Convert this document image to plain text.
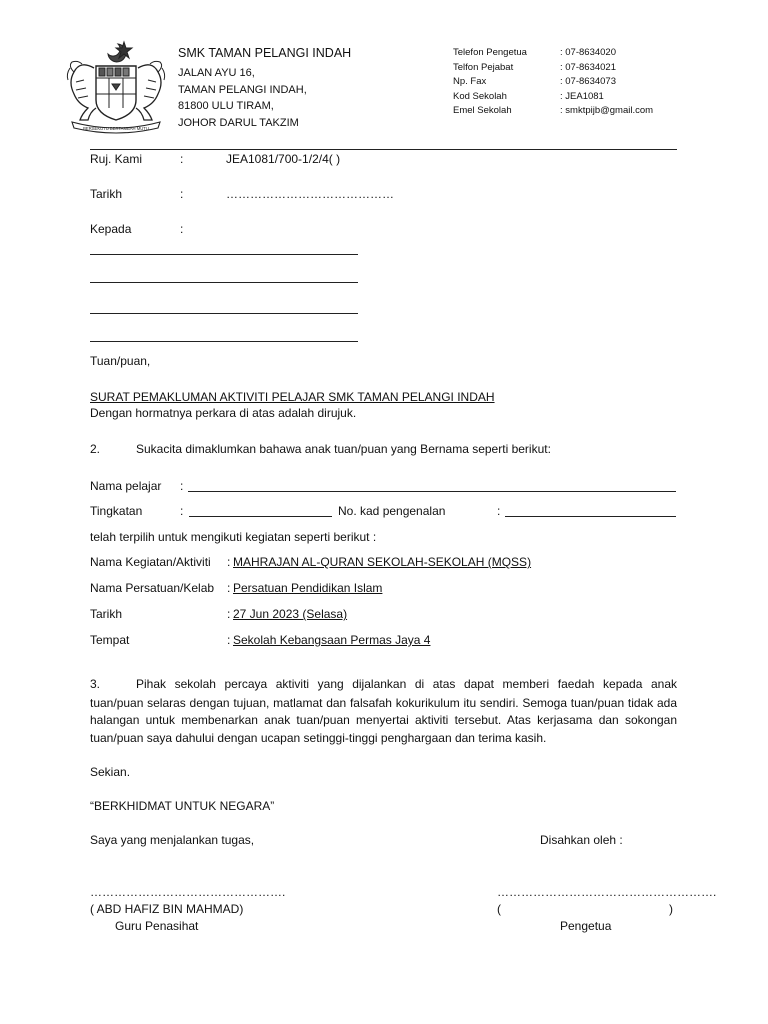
BERSEKUTU BERTAMBAH MUTU
SMK TAMAN PELANGI INDAH
JALAN AYU 16,
TAMAN PELANGI INDAH,
81800 ULU TIRAM,
JOHOR DARUL TAKZIM
Telefon Pengetua	: 07-8634020
Telfon Pejabat	: 07-8634021
Np. Fax	: 07-8634073
Kod Sekolah	: JEA1081
Emel Sekolah	: smktpijb@gmail.com
Ruj. Kami	:	JEA1081/700-1/2/4( )
Tarikh	:	……………………………………
Kepada	:
Tuan/puan,
SURAT PEMAKLUMAN AKTIVITI PELAJAR SMK TAMAN PELANGI INDAH
Dengan hormatnya perkara di atas adalah dirujuk.
2.	Sukacita dimaklumkan bahawa anak tuan/puan yang Bernama seperti berikut:
Nama pelajar :
Tingkatan	:	No. kad pengenalan	:
telah terpilih untuk mengikuti kegiatan seperti berikut :
Nama Kegiatan/Aktiviti : MAHRAJAN AL-QURAN SEKOLAH-SEKOLAH (MQSS)
Nama Persatuan/Kelab : Persatuan Pendidikan Islam
Tarikh	: 27 Jun 2023 (Selasa)
Tempat	: Sekolah Kebangsaan Permas Jaya 4
3.	Pihak sekolah percaya aktiviti yang dijalankan di atas dapat memberi faedah kepada anak
tuan/puan selaras dengan tujuan, matlamat dan falsafah kokurikulum itu sendiri. Semoga tuan/puan tidak ada halangan untuk membenarkan anak tuan/puan menyertai aktiviti tersebut. Atas kerjasama dan sokongan tuan/puan saya dahului dengan ucapan setinggi-tinggi penghargaan dan terima kasih.
Sekian.
“BERKHIDMAT UNTUK NEGARA”
Saya yang menjalankan tugas,	Disahkan oleh :
………………………………………….	……………………………………………….
( ABD HAFIZ BIN MAHMAD)	(	)
Guru Penasihat	Pengetua
